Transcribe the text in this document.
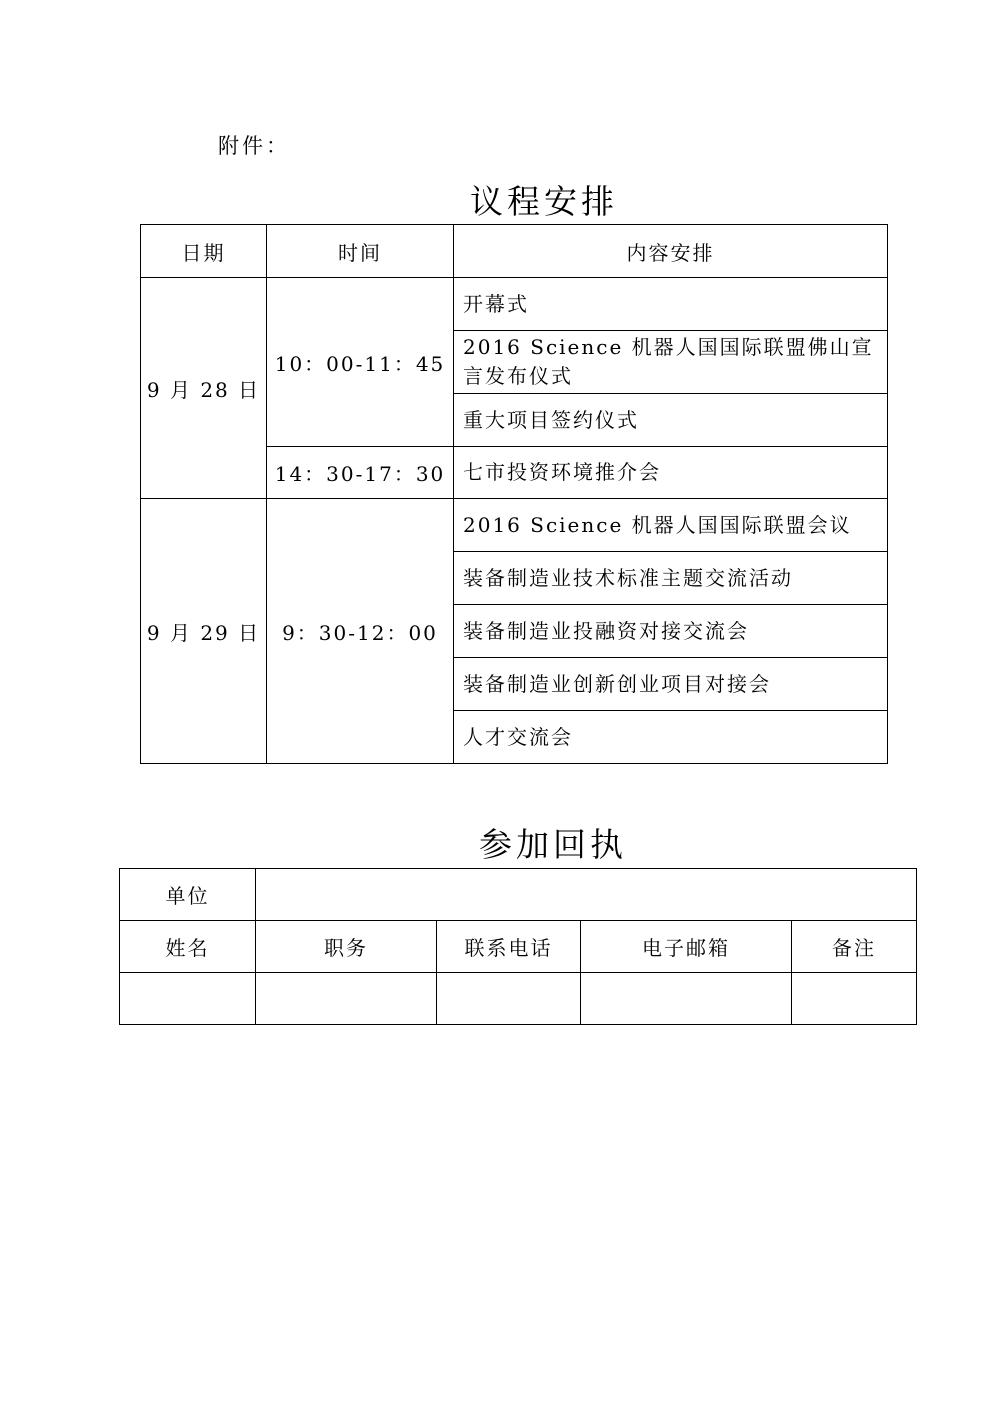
附件：
议程安排
日期	时间	内容安排
9 月 28 日	10：00-11：45	开幕式
		2016 Science 机器人国国际联盟佛山宣言发布仪式
		重大项目签约仪式
	14：30-17：30	七市投资环境推介会
9 月 29 日	9：30-12：00	2016 Science 机器人国国际联盟会议
		装备制造业技术标准主题交流活动
		装备制造业投融资对接交流会
		装备制造业创新创业项目对接会
		人才交流会
参加回执
单位				
姓名	职务	联系电话	电子邮箱	备注
